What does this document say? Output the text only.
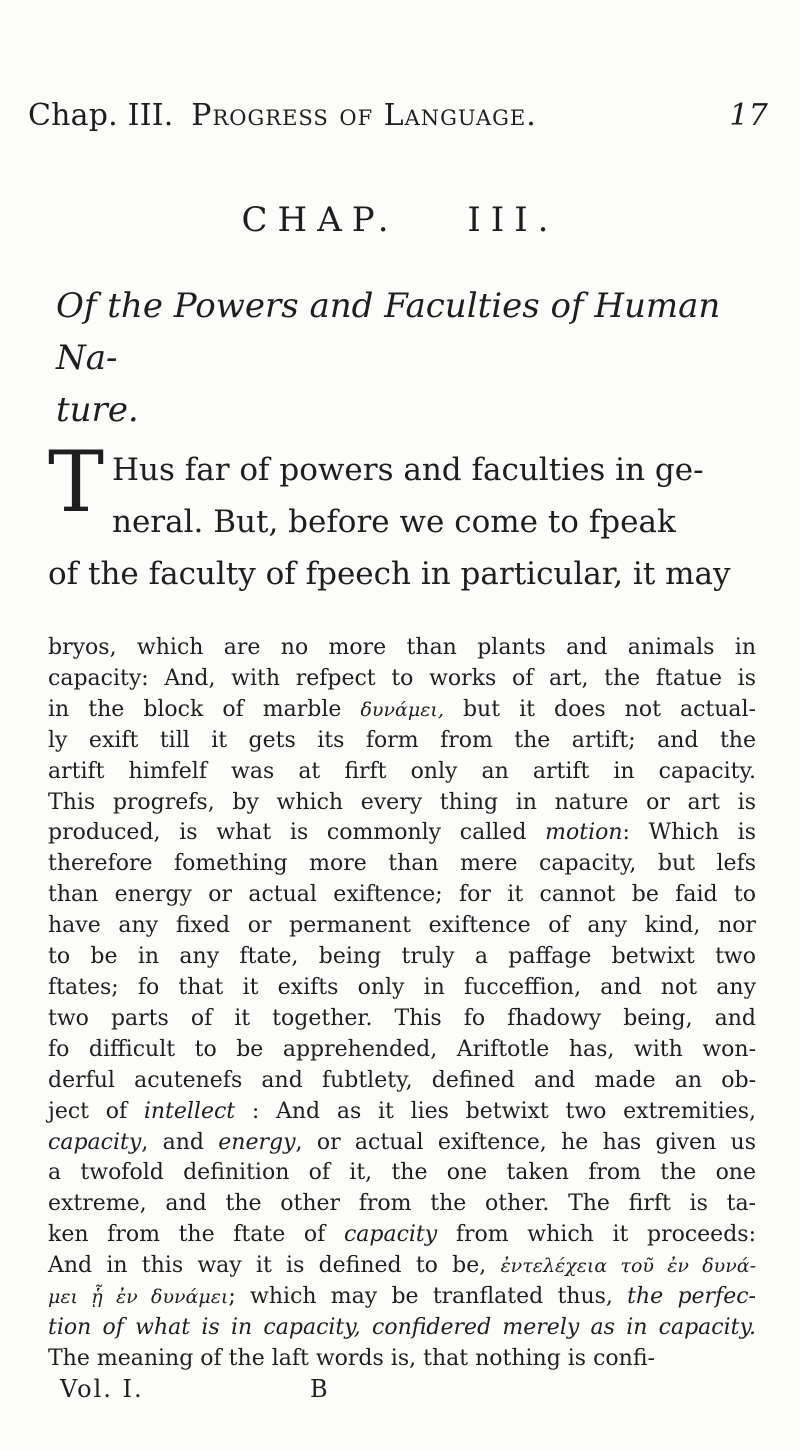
Chap. III. Progress of Language.	17
CHAP. III.
Of the Powers and Faculties of Human Na-
ture.
T Hus far of powers and faculties in ge-
neral. But, before we come to fpeak
of the faculty of fpeech in particular, it may
bryos, which are no more than plants and animals in
capacity: And, with refpect to works of art, the ftatue is
in the block of marble δυνάμει, but it does not actual-
ly exift till it gets its form from the artift; and the
artift himfelf was at firft only an artift in capacity.
This progrefs, by which every thing in nature or art is
produced, is what is commonly called motion: Which is
therefore fomething more than mere capacity, but lefs
than energy or actual exiftence; for it cannot be faid to
have any fixed or permanent exiftence of any kind, nor
to be in any ftate, being truly a paffage betwixt two
ftates; fo that it exifts only in fucceffion, and not any
two parts of it together. This fo fhadowy being, and
fo difficult to be apprehended, Ariftotle has, with won-
derful acutenefs and fubtlety, defined and made an ob-
ject of intellect : And as it lies betwixt two extremities,
capacity, and energy, or actual exiftence, he has given us
a twofold definition of it, the one taken from the one
extreme, and the other from the other. The firft is ta-
ken from the ftate of capacity from which it proceeds:
And in this way it is defined to be, ἐντελέχεια τοῦ ἐν δυνά-
μει ᾗ ἐν δυνάμει; which may be tranflated thus, the perfec-
tion of what is in capacity, confidered merely as in capacity.
The meaning of the laft words is, that nothing is confi-
Vol. I.	B
